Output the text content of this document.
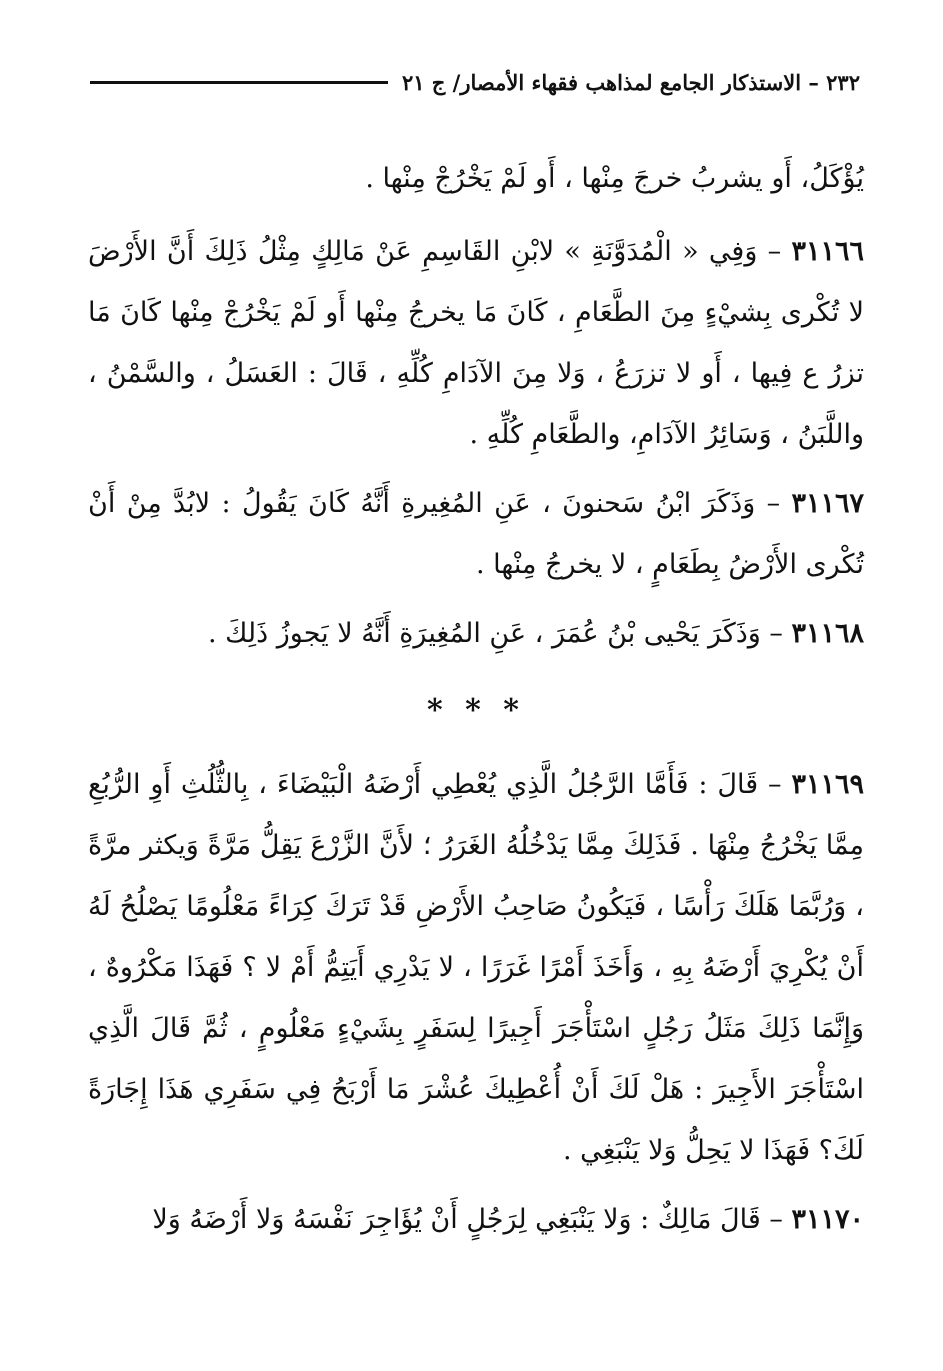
٢٣٢ – الاستذكار الجامع لمذاهب فقهاء الأمصار/ ج ٢١

يُؤْكَلُ، أَو يشربُ خرجَ مِنْها ، أَو لَمْ يَخْرُجْ مِنْها .

٣١١٦٦ – وَفِي « الْمُدَوَّنَةِ » لابْنِ القَاسِمِ عَنْ مَالِكٍ مِثْلُ ذَلِكَ أَنَّ الأَرْضَ لا تُكْرى بِشيْءٍ مِنَ الطَّعَامِ ، كَانَ مَا يخرجُ مِنْها أَو لَمْ يَخْرُجْ مِنْها كَانَ مَا تزرُ ع فِيها ، أَو لا تزرَعُ ، وَلا مِنَ الآدَامِ كُلِّهِ ، قَالَ : العَسَلُ ، والسَّمْنُ ، واللَّبَنُ ، وَسَائِرُ الآدَامِ، والطَّعَامِ كُلِّهِ .

٣١١٦٧ – وَذَكَرَ ابْنُ سَحنونَ ، عَنِ المُغِيرةِ أَنَّهُ كَانَ يَقُولُ : لابُدَّ مِنْ أَنْ تُكْرى الأَرْضُ بِطَعَامٍ ، لا يخرجُ مِنْها .

٣١١٦٨ – وَذَكَرَ يَحْيى بْنُ عُمَرَ ، عَنِ المُغِيرَةِ أَنَّهُ لا يَجوزُ ذَلِكَ .

* * *

٣١١٦٩ – قَالَ : فَأَمَّا الرَّجُلُ الَّذِي يُعْطِي أَرْضَهُ الْبَيْضَاءَ ، بِالثُّلُثِ أَوِ الرُّبُعِ مِمَّا يَخْرُجُ مِنْهَا . فَذَلِكَ مِمَّا يَدْخُلُهُ الغَرَرُ ؛ لأَنَّ الزَّرْعَ يَقِلُّ مَرَّةً وَيكثر مرَّةً ، وَرُبَّمَا هَلَكَ رَأْسًا ، فَيَكُونُ صَاحِبُ الأَرْضِ قَدْ تَرَكَ كِرَاءً مَعْلُومًا يَصْلُحُ لَهُ أَنْ يُكْرِيَ أَرْضَهُ بِهِ ، وَأَخَذَ أَمْرًا غَرَرًا ، لا يَدْرِي أَيَتِمُّ أَمْ لا ؟ فَهَذَا مَكْرُوهٌ ، وَإِنَّمَا ذَلِكَ مَثَلُ رَجُلٍ اسْتَأْجَرَ أَجِيرًا لِسَفَرٍ بِشَيْءٍ مَعْلُومٍ ، ثُمَّ قَالَ الَّذِي اسْتَأْجَرَ الأَجِيرَ : هَلْ لَكَ أَنْ أُعْطِيكَ عُشْرَ مَا أَرْبَحُ فِي سَفَرِي هَذَا إِجَارَةً لَكَ؟ فَهَذَا لا يَحِلُّ وَلا يَنْبَغِي .

٣١١٧٠ – قَالَ مَالِكٌ : وَلا يَنْبَغِي لِرَجُلٍ أَنْ يُؤَاجِرَ نَفْسَهُ وَلا أَرْضَهُ وَلا
